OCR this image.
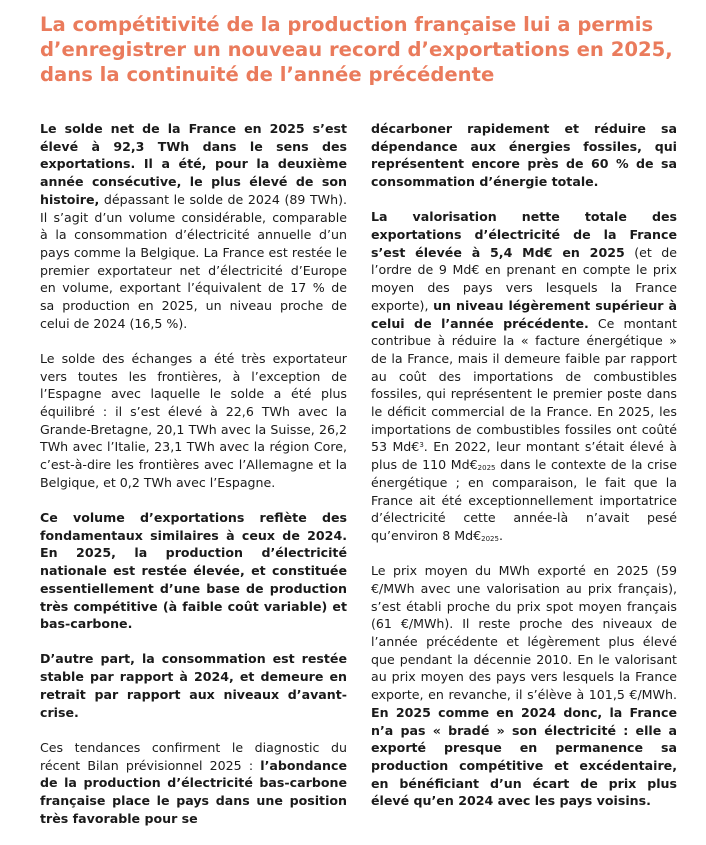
La compétitivité de la production française lui a permis d’enregistrer un nouveau record d’exportations en 2025, dans la continuité de l’année précédente

Le solde net de la France en 2025 s’est élevé à 92,3 TWh dans le sens des exportations. Il a été, pour la deuxième année consécutive, le plus élevé de son histoire, dépassant le solde de 2024 (89 TWh). Il s’agit d’un volume considérable, comparable à la consommation d’électricité annuelle d’un pays comme la Belgique. La France est restée le premier exportateur net d’électricité d’Europe en volume, exportant l’équivalent de 17 % de sa production en 2025, un niveau proche de celui de 2024 (16,5 %).

Le solde des échanges a été très exportateur vers toutes les frontières, à l’exception de l’Espagne avec laquelle le solde a été plus équilibré : il s’est élevé à 22,6 TWh avec la Grande-Bretagne, 20,1 TWh avec la Suisse, 26,2 TWh avec l’Italie, 23,1 TWh avec la région Core, c’est-à-dire les frontières avec l’Allemagne et la Belgique, et 0,2 TWh avec l’Espagne.

Ce volume d’exportations reflète des fondamentaux similaires à ceux de 2024. En 2025, la production d’électricité nationale est restée élevée, et constituée essentiellement d’une base de production très compétitive (à faible coût variable) et bas-carbone.

D’autre part, la consommation est restée stable par rapport à 2024, et demeure en retrait par rapport aux niveaux d’avant-crise.

Ces tendances confirment le diagnostic du récent Bilan prévisionnel 2025 : l’abondance de la production d’électricité bas-carbone française place le pays dans une position très favorable pour se

décarboner rapidement et réduire sa dépendance aux énergies fossiles, qui représentent encore près de 60 % de sa consommation d’énergie totale.

La valorisation nette totale des exportations d’électricité de la France s’est élevée à 5,4 Md€ en 2025 (et de l’ordre de 9 Md€ en prenant en compte le prix moyen des pays vers lesquels la France exporte), un niveau légèrement supérieur à celui de l’année précédente. Ce montant contribue à réduire la « facture énergétique » de la France, mais il demeure faible par rapport au coût des importations de combustibles fossiles, qui représentent le premier poste dans le déficit commercial de la France. En 2025, les importations de combustibles fossiles ont coûté 53 Md€$^3$. En 2022, leur montant s’était élevé à plus de 110 $Md€_{2025}$ dans le contexte de la crise énergétique ; en comparaison, le fait que la France ait été exceptionnellement importatrice d’électricité cette année-là n’avait pesé qu’environ 8 $Md€_{2025}$.

Le prix moyen du MWh exporté en 2025 (59 €/MWh avec une valorisation au prix français), s’est établi proche du prix spot moyen français (61 €/MWh). Il reste proche des niveaux de l’année précédente et légèrement plus élevé que pendant la décennie 2010. En le valorisant au prix moyen des pays vers lesquels la France exporte, en revanche, il s’élève à 101,5 €/MWh. En 2025 comme en 2024 donc, la France n’a pas « bradé » son électricité : elle a exporté presque en permanence sa production compétitive et excédentaire, en bénéficiant d’un écart de prix plus élevé qu’en 2024 avec les pays voisins.
